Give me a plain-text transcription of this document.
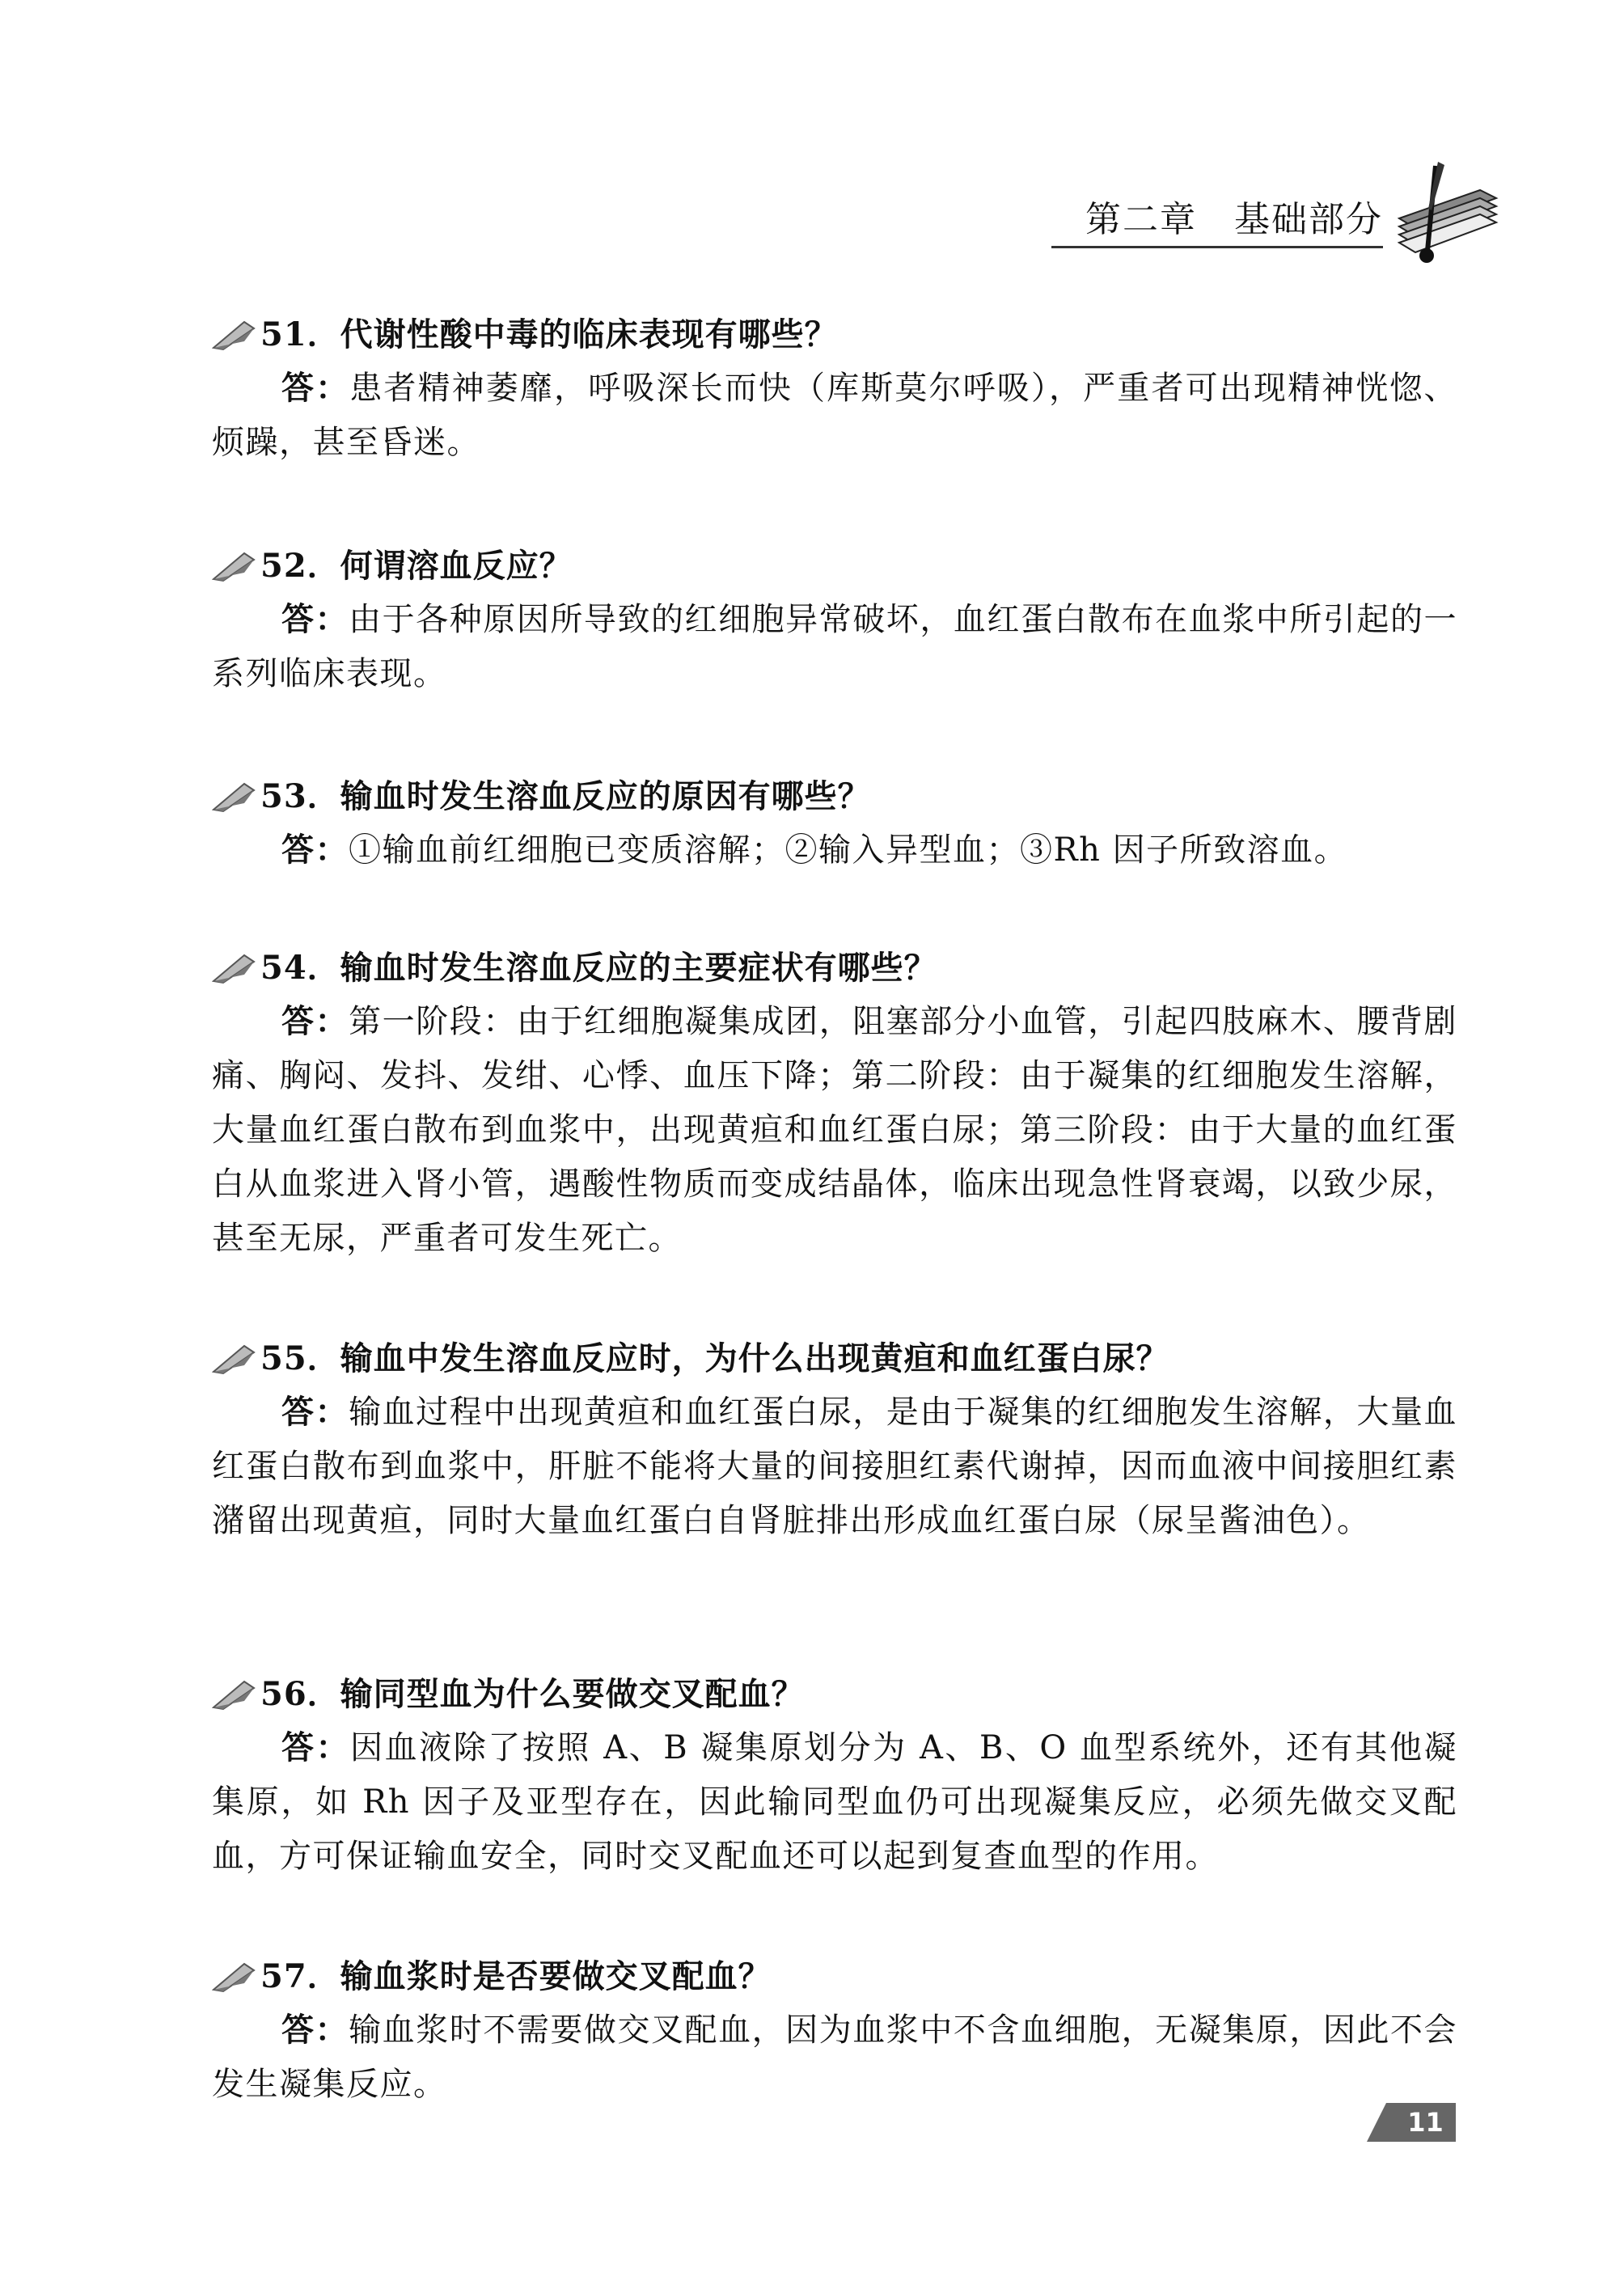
第二章　基础部分
51．代谢性酸中毒的临床表现有哪些？

答：患者精神萎靡，呼吸深长而快（库斯莫尔呼吸），严重者可出现精神恍惚、烦躁，甚至昏迷。

52．何谓溶血反应？

答：由于各种原因所导致的红细胞异常破坏，血红蛋白散布在血浆中所引起的一系列临床表现。

53．输血时发生溶血反应的原因有哪些？

答：①输血前红细胞已变质溶解；②输入异型血；③Rh 因子所致溶血。

54．输血时发生溶血反应的主要症状有哪些？

答：第一阶段：由于红细胞凝集成团，阻塞部分小血管，引起四肢麻木、腰背剧痛、胸闷、发抖、发绀、心悸、血压下降；第二阶段：由于凝集的红细胞发生溶解，大量血红蛋白散布到血浆中，出现黄疸和血红蛋白尿；第三阶段：由于大量的血红蛋白从血浆进入肾小管，遇酸性物质而变成结晶体，临床出现急性肾衰竭，以致少尿，甚至无尿，严重者可发生死亡。

55．输血中发生溶血反应时，为什么出现黄疸和血红蛋白尿？

答：输血过程中出现黄疸和血红蛋白尿，是由于凝集的红细胞发生溶解，大量血红蛋白散布到血浆中，肝脏不能将大量的间接胆红素代谢掉，因而血液中间接胆红素潴留出现黄疸，同时大量血红蛋白自肾脏排出形成血红蛋白尿（尿呈酱油色）。

56．输同型血为什么要做交叉配血？

答：因血液除了按照 A、B 凝集原划分为 A、B、O 血型系统外，还有其他凝集原，如 Rh 因子及亚型存在，因此输同型血仍可出现凝集反应，必须先做交叉配血，方可保证输血安全，同时交叉配血还可以起到复查血型的作用。

57．输血浆时是否要做交叉配血？

答：输血浆时不需要做交叉配血，因为血浆中不含血细胞，无凝集原，因此不会发生凝集反应。

11
